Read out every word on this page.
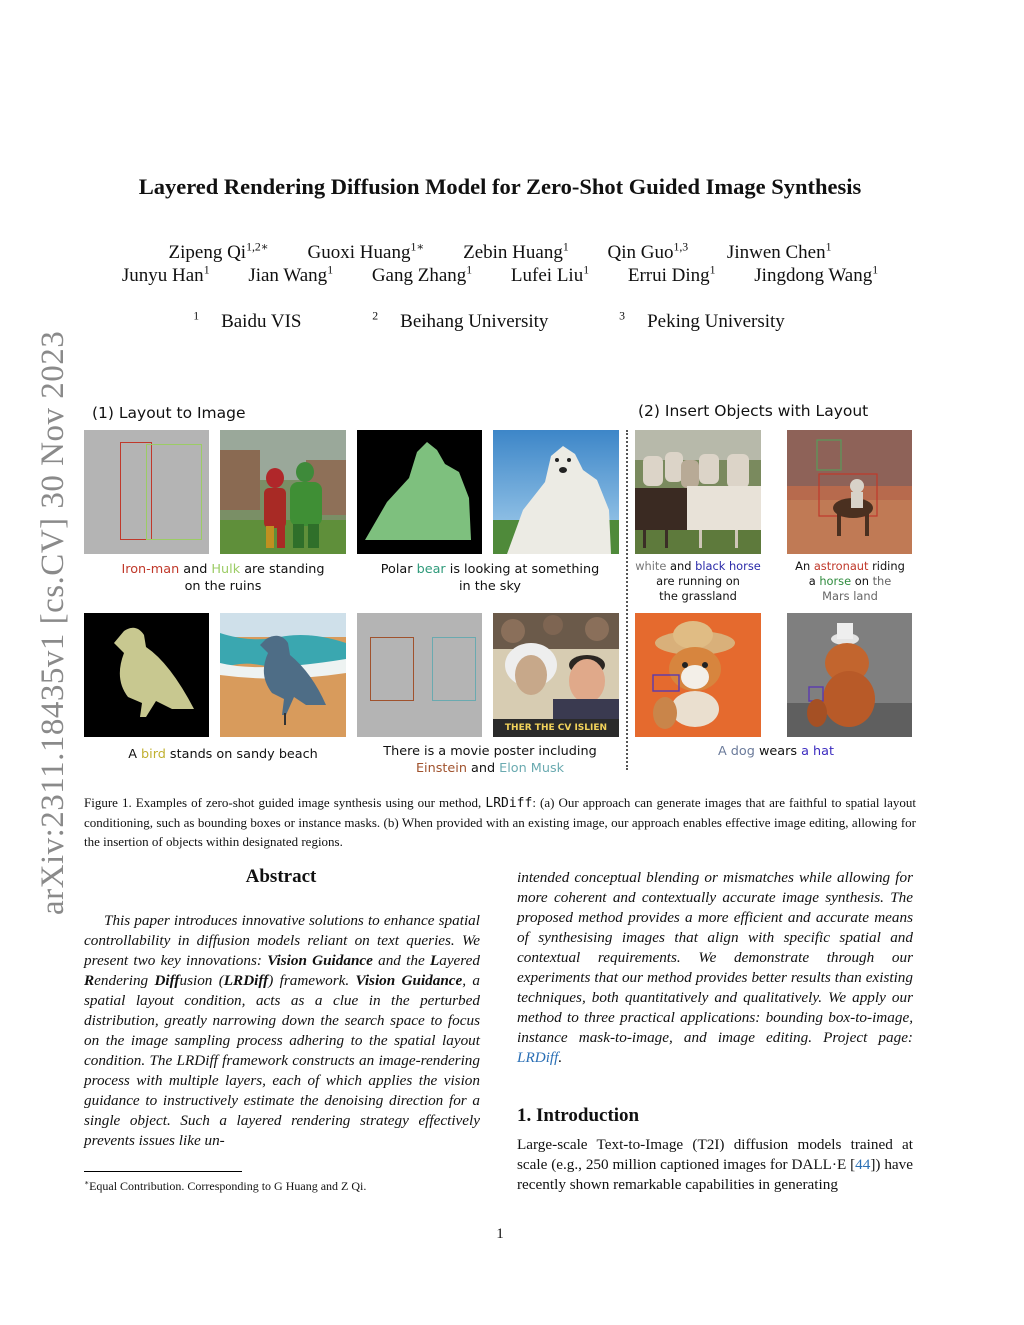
arXiv:2311.18435v1 [cs.CV] 30 Nov 2023
Layered Rendering Diffusion Model for Zero-Shot Guided Image Synthesis
Zipeng $Qi^{1,2∗}$ Guoxi Huang$^{1∗}$ Zebin Huang$^1$ Qin Guo$^{1,3}$ Jinwen Chen$^1$
Junyu Han$^1$ Jian Wang$^1$ Gang Zhang$^1$ Lufei Liu$^1$ Errui Ding$^1$ Jingdong Wang$^1$
$^1$ Baidu VIS	$^2$ Beihang University	$^3$ Peking University
(1) Layout to Image	(2) Insert Objects with Layout
Iron-man and Hulk are standing
on the ruins
Polar bear is looking at something
in the sky
white and black horse
are running on
the grassland
An astronaut riding
a horse on the
Mars land
THER THE CV ISLIEN
A bird stands on sandy beach	There is a movie poster including
Einstein and Elon Musk
A dog wears a hat
Figure 1. Examples of zero-shot guided image synthesis using our method, LRDiff: (a) Our approach can generate images that are faithful to spatial layout conditioning, such as bounding boxes or instance masks. (b) When provided with an existing image, our approach enables effective image editing, allowing for the insertion of objects within designated regions.
Abstract
This paper introduces innovative solutions to enhance spatial controllability in diffusion models reliant on text queries. We present two key innovations: Vision Guidance and the Layered Rendering Diffusion (LRDiff) framework. Vision Guidance, a spatial layout condition, acts as a clue in the perturbed distribution, greatly narrowing down the search space to focus on the image sampling process adhering to the spatial layout condition. The LRDiff framework constructs an image-rendering process with multiple layers, each of which applies the vision guidance to instructively estimate the denoising direction for a single object. Such a layered rendering strategy effectively prevents issues like un-
intended conceptual blending or mismatches while allowing for more coherent and contextually accurate image synthesis. The proposed method provides a more efficient and accurate means of synthesising images that align with specific spatial and contextual requirements. We demonstrate through our experiments that our method provides better results than existing techniques, both quantitatively and qualitatively. We apply our method to three practical applications: bounding box-to-image, instance mask-to-image, and image editing. Project page: LRDiff.
1. Introduction
Large-scale Text-to-Image (T2I) diffusion models trained at scale (e.g., 250 million captioned images for DALL·E [44]) have recently shown remarkable capabilities in generating
∗Equal Contribution. Corresponding to G Huang and Z Qi.
1
